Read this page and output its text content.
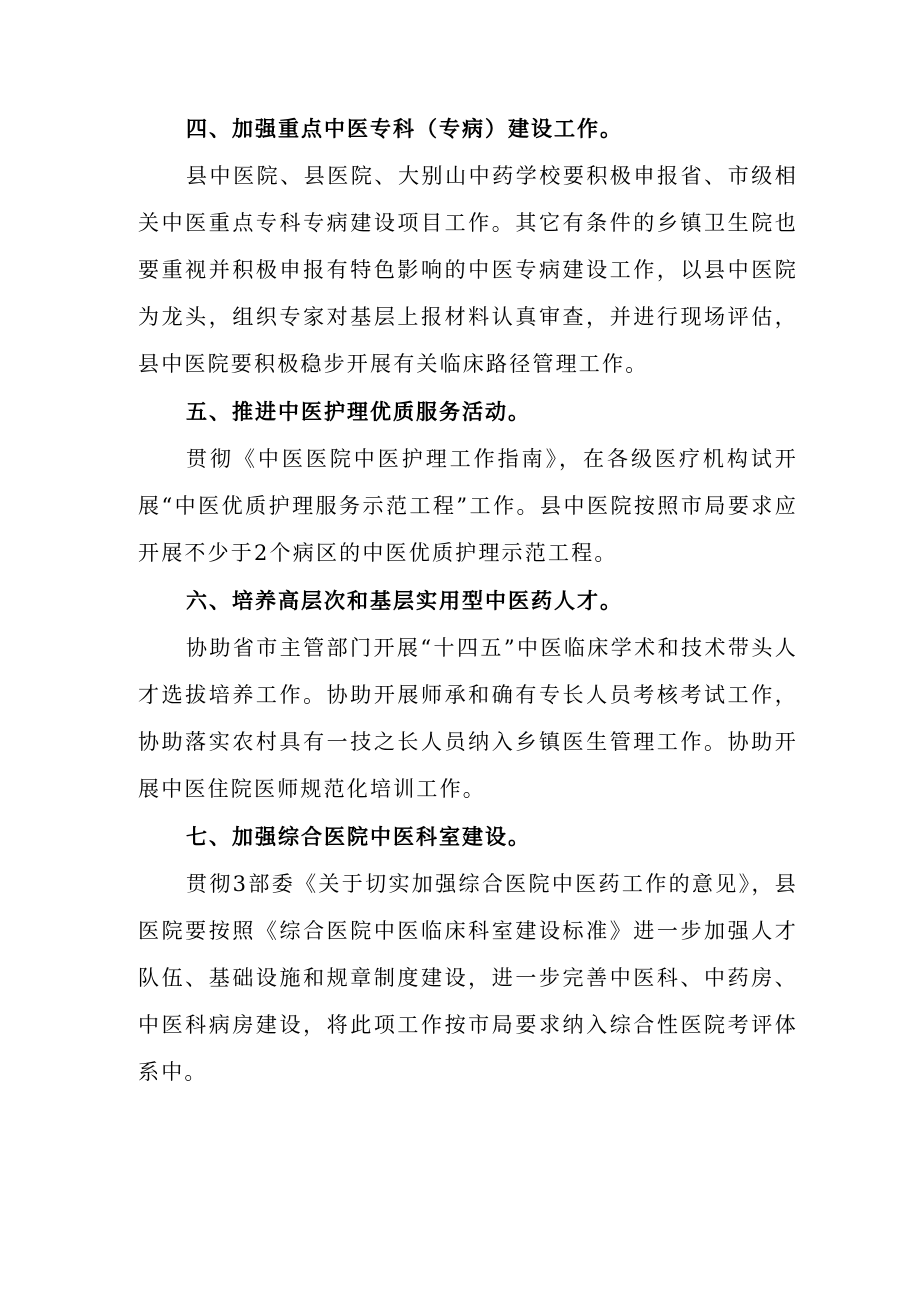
四、加强重点中医专科（专病）建设工作。

县中医院、县医院、大别山中药学校要积极申报省、市级相关中医重点专科专病建设项目工作。其它有条件的乡镇卫生院也要重视并积极申报有特色影响的中医专病建设工作，以县中医院为龙头，组织专家对基层上报材料认真审查，并进行现场评估，县中医院要积极稳步开展有关临床路径管理工作。

五、推进中医护理优质服务活动。

贯彻《中医医院中医护理工作指南》，在各级医疗机构试开展“中医优质护理服务示范工程”工作。县中医院按照市局要求应开展不少于2个病区的中医优质护理示范工程。

六、培养高层次和基层实用型中医药人才。

协助省市主管部门开展“十四五”中医临床学术和技术带头人才选拔培养工作。协助开展师承和确有专长人员考核考试工作，协助落实农村具有一技之长人员纳入乡镇医生管理工作。协助开展中医住院医师规范化培训工作。

七、加强综合医院中医科室建设。

贯彻3部委《关于切实加强综合医院中医药工作的意见》，县医院要按照《综合医院中医临床科室建设标准》进一步加强人才队伍、基础设施和规章制度建设，进一步完善中医科、中药房、中医科病房建设，将此项工作按市局要求纳入综合性医院考评体系中。
